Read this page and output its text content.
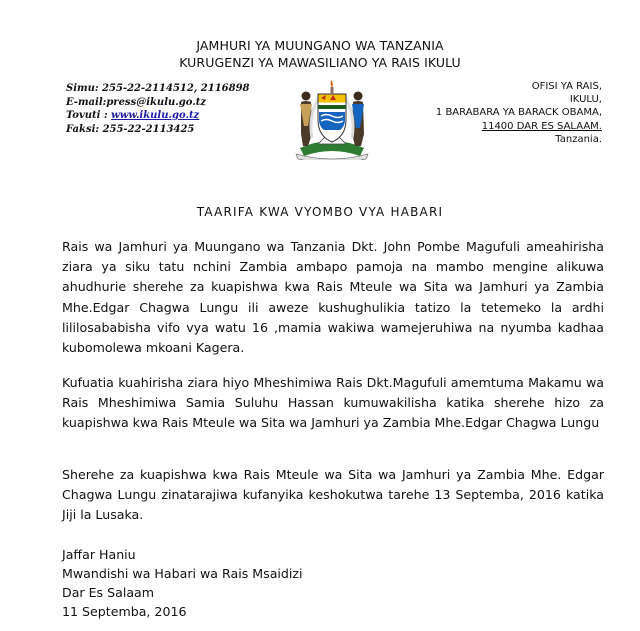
JAMHURI YA MUUNGANO WA TANZANIA
KURUGENZI YA MAWASILIANO YA RAIS IKULU
Simu: 255-22-2114512, 2116898
E-mail:press@ikulu.go.tz
Tovuti : www.ikulu.go.tz
Faksi: 255-22-2113425
OFISI YA RAIS,
IKULU,
1 BARABARA YA BARACK OBAMA,
11400 DAR ES SALAAM.
Tanzania.
TAARIFA KWA VYOMBO VYA HABARI

Rais wa Jamhuri ya Muungano wa Tanzania Dkt. John Pombe Magufuli ameahirisha ziara ya siku tatu nchini Zambia ambapo pamoja na mambo mengine alikuwa ahudhurie sherehe za kuapishwa kwa Rais Mteule wa Sita wa Jamhuri ya Zambia Mhe.Edgar Chagwa Lungu ili aweze kushughulikia tatizo la tetemeko la ardhi lililosababisha vifo vya watu 16 ,mamia wakiwa wamejeruhiwa na nyumba kadhaa kubomolewa mkoani Kagera.

Kufuatia kuahirisha ziara hiyo Mheshimiwa Rais Dkt.Magufuli amemtuma Makamu wa Rais Mheshimiwa Samia Suluhu Hassan kumuwakilisha katika sherehe hizo za kuapishwa kwa Rais Mteule wa Sita wa Jamhuri ya Zambia Mhe.Edgar Chagwa Lungu

Sherehe za kuapishwa kwa Rais Mteule wa Sita wa Jamhuri ya Zambia Mhe. Edgar Chagwa Lungu zinatarajiwa kufanyika keshokutwa tarehe 13 Septemba, 2016 katika Jiji la Lusaka.

Jaffar Haniu
Mwandishi wa Habari wa Rais Msaidizi
Dar Es Salaam
11 Septemba, 2016
